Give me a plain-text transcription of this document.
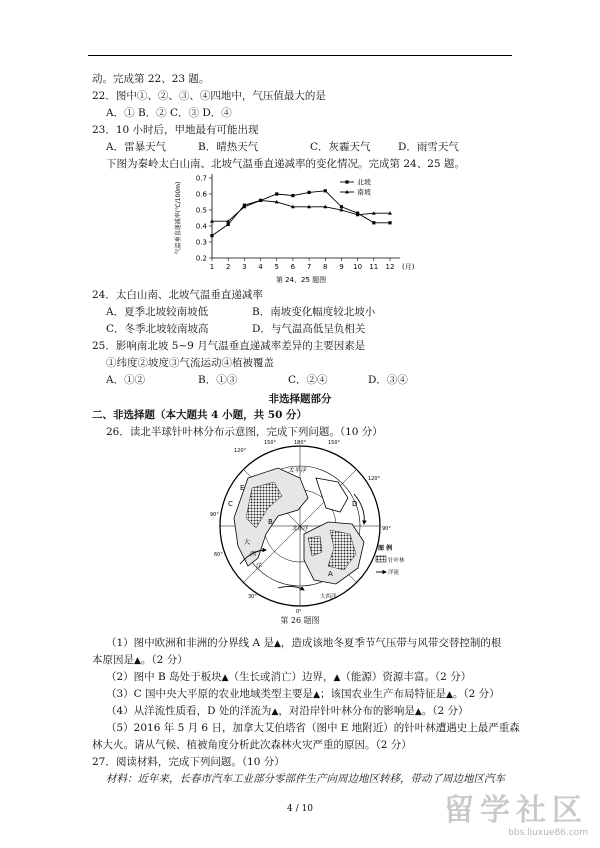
动。完成第 22、23 题。
22．图中①、②、③、④四地中，气压值最大的是
A．① B．② C．③ D．④
23．10 小时后，甲地最有可能出现
A．雷暴天气	B．晴热天气	C．灰霾天气	D．雨雪天气
下图为秦岭太白山南、北坡气温垂直递减率的变化情况。完成第 24、25 题。
0.7
0.6
0.5
0.4
0.3
0.2
1 2 3 4 5 6 7 8 9 10 11 12 (月)
气温垂直递减率(℃/100m)	北坡
南坡
第 24、25 题图
24．太白山南、北坡气温垂直递减率
A．夏季北坡较南坡低	B．南坡变化幅度较北坡小
C．冬季北坡较南坡高	D．与气温高低呈负相关
25．影响南北坡 5~9 月气温垂直递减率差异的主要因素是
①纬度②坡度③气流运动④植被覆盖
A．①②	B．①③	C．②④	D．③④
非选择题部分
二、非选择题（本大题共 4 小题，共 50 分）
26．读北半球针叶林分布示意图，完成下列问题。（10 分）
120°
150°	180°	150°
90°
60°
30°
0°
90°
120°
太平洋
北冰洋
大西洋
大
西
洋
A
B
C	D
E
图 例
针叶林
洋流
第 26 题图
（1）图中欧洲和非洲的分界线 A 是▲，造成该地冬夏季节气压带与风带交替控制的根
本原因是▲。（2 分）
（2）图中 B 岛处于板块▲（生长或消亡）边界，▲（能源）资源丰富。（2 分）
（3）C 国中央大平原的农业地域类型主要是▲；该国农业生产布局特征是▲。（2 分）
（4）从洋流性质看，D 处的洋流为▲，对沿岸针叶林分布的影响是▲。（2 分）
（5）2016 年 5 月 6 日，加拿大艾伯塔省（图中 E 地附近）的针叶林遭遇史上最严重森
林大火。请从气候、植被角度分析此次森林火灾严重的原因。（2 分）
27．阅读材料，完成下列问题。（10 分）
材料：近年来，长春市汽车工业部分零部件生产向周边地区转移，带动了周边地区汽车
4 / 10	留学社区
bbs.liuxue86.com
